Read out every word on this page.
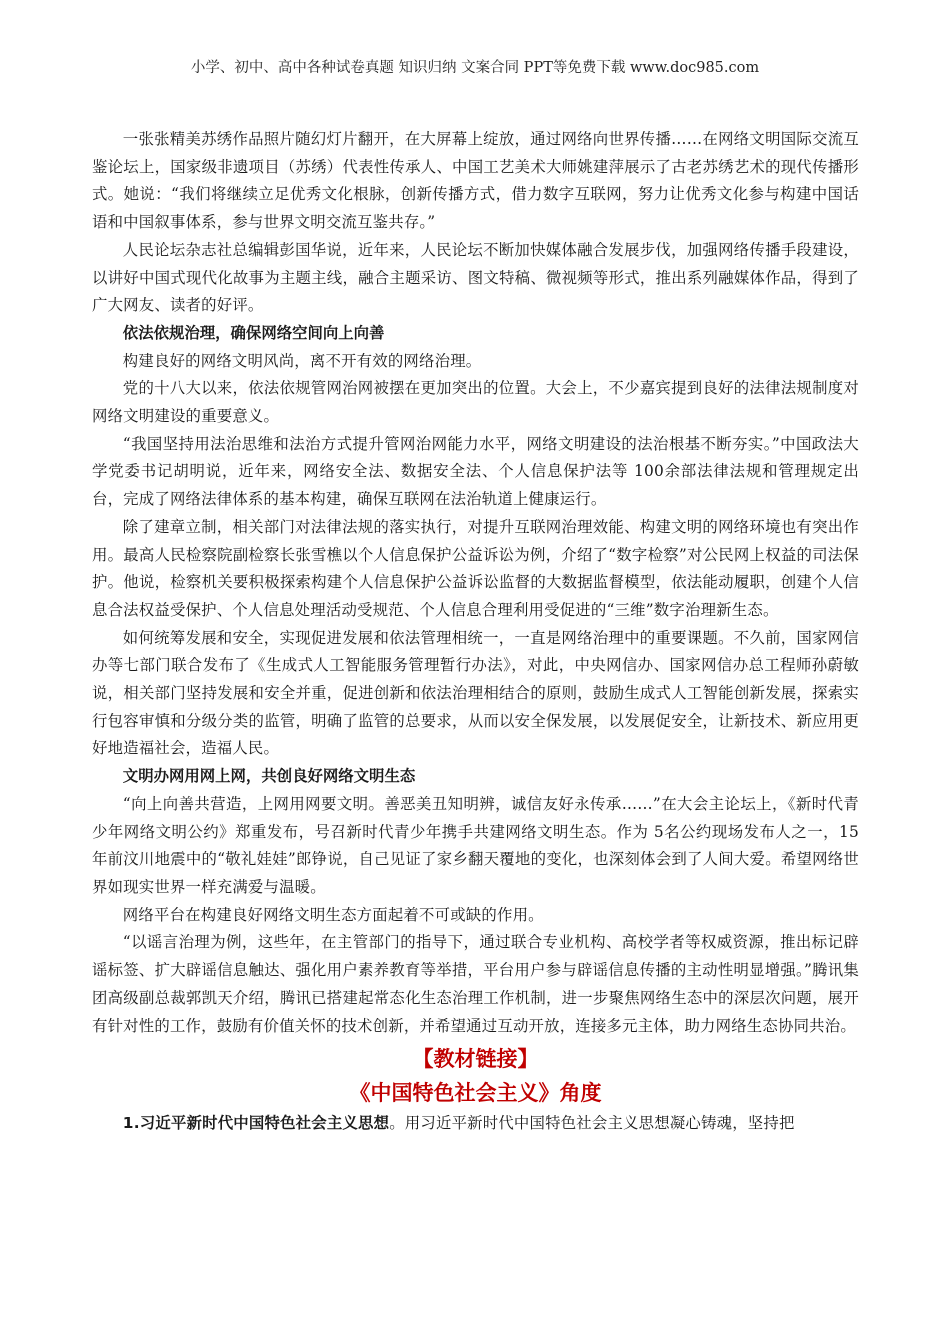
小学、初中、高中各种试卷真题 知识归纳 文案合同 PPT等免费下载 www.doc985.com

一张张精美苏绣作品照片随幻灯片翻开，在大屏幕上绽放，通过网络向世界传播……在网络文明国际交流互鉴论坛上，国家级非遗项目（苏绣）代表性传承人、中国工艺美术大师姚建萍展示了古老苏绣艺术的现代传播形式。她说：“我们将继续立足优秀文化根脉，创新传播方式，借力数字互联网，努力让优秀文化参与构建中国话语和中国叙事体系，参与世界文明交流互鉴共存。”

人民论坛杂志社总编辑彭国华说，近年来，人民论坛不断加快媒体融合发展步伐，加强网络传播手段建设，以讲好中国式现代化故事为主题主线，融合主题采访、图文特稿、微视频等形式，推出系列融媒体作品，得到了广大网友、读者的好评。

依法依规治理，确保网络空间向上向善

构建良好的网络文明风尚，离不开有效的网络治理。

党的十八大以来，依法依规管网治网被摆在更加突出的位置。大会上，不少嘉宾提到良好的法律法规制度对网络文明建设的重要意义。

“我国坚持用法治思维和法治方式提升管网治网能力水平，网络文明建设的法治根基不断夯实。”中国政法大学党委书记胡明说，近年来，网络安全法、数据安全法、个人信息保护法等 100余部法律法规和管理规定出台，完成了网络法律体系的基本构建，确保互联网在法治轨道上健康运行。

除了建章立制，相关部门对法律法规的落实执行，对提升互联网治理效能、构建文明的网络环境也有突出作用。最高人民检察院副检察长张雪樵以个人信息保护公益诉讼为例，介绍了“数字检察”对公民网上权益的司法保护。他说，检察机关要积极探索构建个人信息保护公益诉讼监督的大数据监督模型，依法能动履职，创建个人信息合法权益受保护、个人信息处理活动受规范、个人信息合理利用受促进的“三维”数字治理新生态。

如何统筹发展和安全，实现促进发展和依法管理相统一，一直是网络治理中的重要课题。不久前，国家网信办等七部门联合发布了《生成式人工智能服务管理暂行办法》，对此，中央网信办、国家网信办总工程师孙蔚敏说，相关部门坚持发展和安全并重，促进创新和依法治理相结合的原则，鼓励生成式人工智能创新发展，探索实行包容审慎和分级分类的监管，明确了监管的总要求，从而以安全保发展，以发展促安全，让新技术、新应用更好地造福社会，造福人民。

文明办网用网上网，共创良好网络文明生态

“向上向善共营造，上网用网要文明。善恶美丑知明辨，诚信友好永传承……”在大会主论坛上，《新时代青少年网络文明公约》郑重发布，号召新时代青少年携手共建网络文明生态。作为 5名公约现场发布人之一，15年前汶川地震中的“敬礼娃娃”郎铮说，自己见证了家乡翻天覆地的变化，也深刻体会到了人间大爱。希望网络世界如现实世界一样充满爱与温暖。

网络平台在构建良好网络文明生态方面起着不可或缺的作用。

“以谣言治理为例，这些年，在主管部门的指导下，通过联合专业机构、高校学者等权威资源，推出标记辟谣标签、扩大辟谣信息触达、强化用户素养教育等举措，平台用户参与辟谣信息传播的主动性明显增强。”腾讯集团高级副总裁郭凯天介绍，腾讯已搭建起常态化生态治理工作机制，进一步聚焦网络生态中的深层次问题，展开有针对性的工作，鼓励有价值关怀的技术创新，并希望通过互动开放，连接多元主体，助力网络生态协同共治。

【教材链接】

《中国特色社会主义》角度

1.习近平新时代中国特色社会主义思想。用习近平新时代中国特色社会主义思想凝心铸魂，坚持把
